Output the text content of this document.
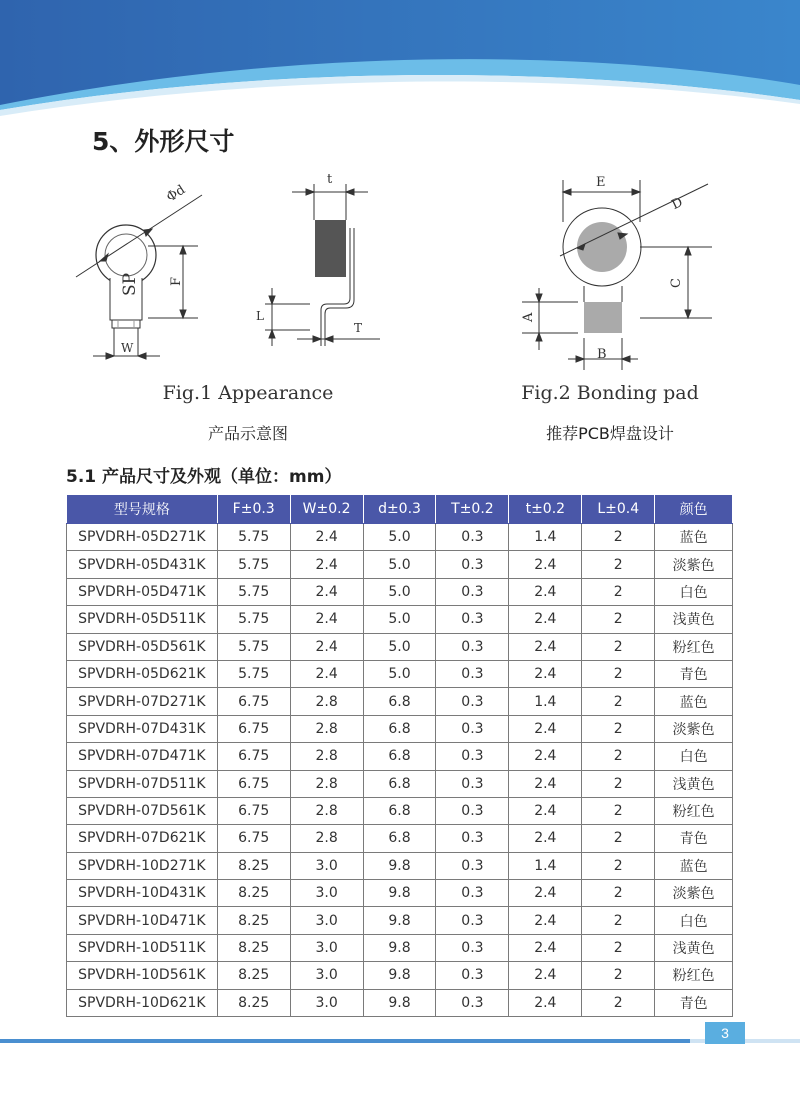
5、外形尺寸
Φd
SP F
W
t
L
T
E
D
C
A
B
Fig.1 Appearance
产品示意图
Fig.2 Bonding pad
推荐PCB焊盘设计
5.1 产品尺寸及外观（单位：mm）
型号规格	F±0.3	W±0.2	d±0.3	T±0.2	t±0.2	L±0.4	颜色
SPVDRH-05D271K	5.75	2.4	5.0	0.3	1.4	2	蓝色
SPVDRH-05D431K	5.75	2.4	5.0	0.3	2.4	2	淡紫色
SPVDRH-05D471K	5.75	2.4	5.0	0.3	2.4	2	白色
SPVDRH-05D511K	5.75	2.4	5.0	0.3	2.4	2	浅黄色
SPVDRH-05D561K	5.75	2.4	5.0	0.3	2.4	2	粉红色
SPVDRH-05D621K	5.75	2.4	5.0	0.3	2.4	2	青色
SPVDRH-07D271K	6.75	2.8	6.8	0.3	1.4	2	蓝色
SPVDRH-07D431K	6.75	2.8	6.8	0.3	2.4	2	淡紫色
SPVDRH-07D471K	6.75	2.8	6.8	0.3	2.4	2	白色
SPVDRH-07D511K	6.75	2.8	6.8	0.3	2.4	2	浅黄色
SPVDRH-07D561K	6.75	2.8	6.8	0.3	2.4	2	粉红色
SPVDRH-07D621K	6.75	2.8	6.8	0.3	2.4	2	青色
SPVDRH-10D271K	8.25	3.0	9.8	0.3	1.4	2	蓝色
SPVDRH-10D431K	8.25	3.0	9.8	0.3	2.4	2	淡紫色
SPVDRH-10D471K	8.25	3.0	9.8	0.3	2.4	2	白色
SPVDRH-10D511K	8.25	3.0	9.8	0.3	2.4	2	浅黄色
SPVDRH-10D561K	8.25	3.0	9.8	0.3	2.4	2	粉红色
SPVDRH-10D621K	8.25	3.0	9.8	0.3	2.4	2	青色
3
